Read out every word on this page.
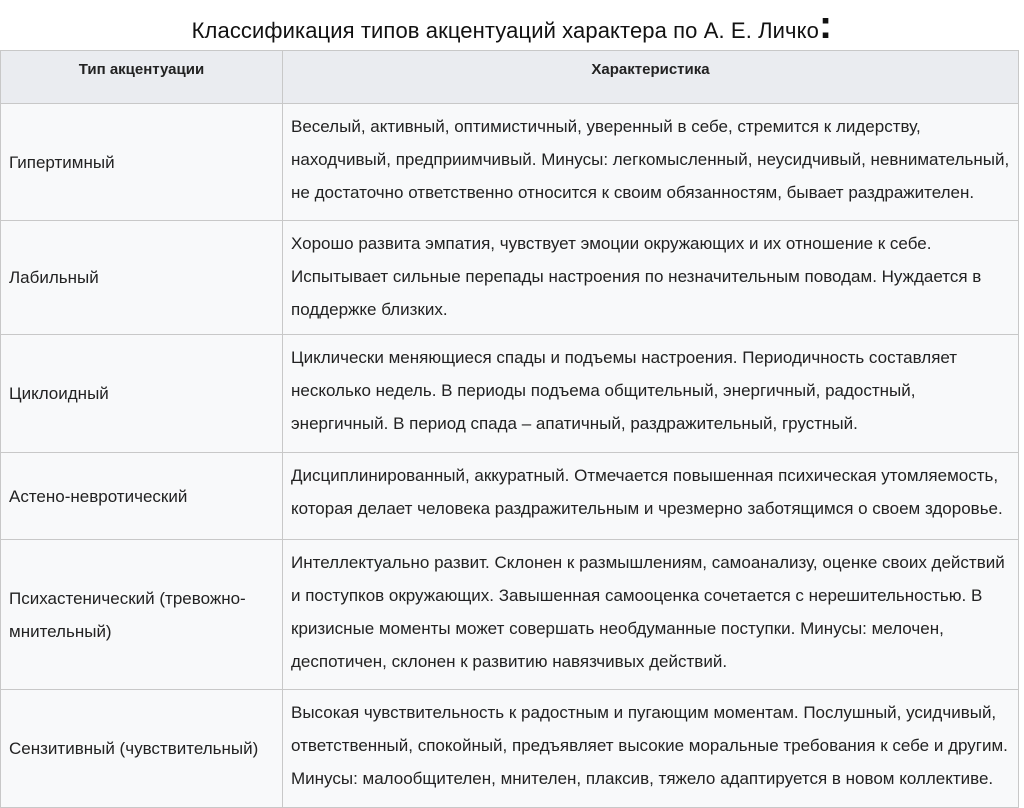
Классификация типов акцентуаций характера по А. Е. Личко:
Тип акцентуации	Характеристика
Гипертимный	Веселый, активный, оптимистичный, уверенный в себе, стремится к лидерству, находчивый, предприимчивый. Минусы: легкомысленный, неусидчивый, невнимательный, не достаточно ответственно относится к своим обязанностям, бывает раздражителен.
Лабильный	Хорошо развита эмпатия, чувствует эмоции окружающих и их отношение к себе. Испытывает сильные перепады настроения по незначительным поводам. Нуждается в поддержке близких.
Циклоидный	Циклически меняющиеся спады и подъемы настроения. Периодичность составляет несколько недель. В периоды подъема общительный, энергичный, радостный, энергичный. В период спада – апатичный, раздражительный, грустный.
Астено-невротический	Дисциплинированный, аккуратный. Отмечается повышенная психическая утомляемость, которая делает человека раздражительным и чрезмерно заботящимся о своем здоровье.
Психастенический (тревожно-мнительный)	Интеллектуально развит. Склонен к размышлениям, самоанализу, оценке своих действий и поступков окружающих. Завышенная самооценка сочетается с нерешительностью. В кризисные моменты может совершать необдуманные поступки. Минусы: мелочен, деспотичен, склонен к развитию навязчивых действий.
Сензитивный (чувствительный)	Высокая чувствительность к радостным и пугающим моментам. Послушный, усидчивый, ответственный, спокойный, предъявляет высокие моральные требования к себе и другим. Минусы: малообщителен, мнителен, плаксив, тяжело адаптируется в новом коллективе.
